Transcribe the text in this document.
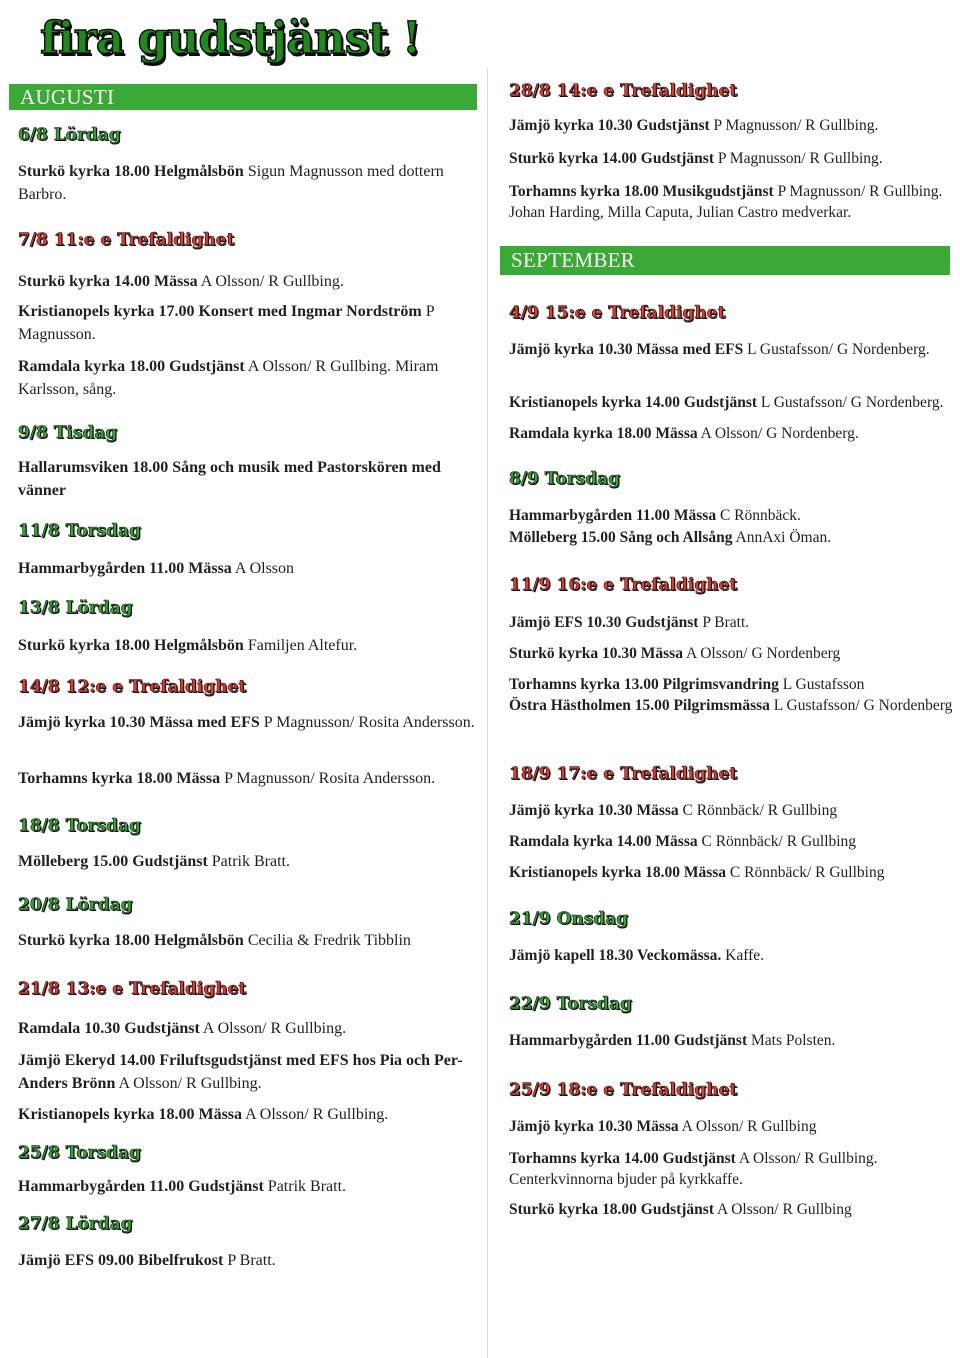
fira gudstjänst !
AUGUSTI
6/8 Lördag

Sturkö kyrka 18.00 Helgmålsbön Sigun Magnusson med dottern Barbro.

7/8 11:e e Trefaldighet

Sturkö kyrka 14.00 Mässa A Olsson/ R Gullbing.

Kristianopels kyrka 17.00 Konsert med Ingmar Nordström P Magnusson.

Ramdala kyrka 18.00 Gudstjänst A Olsson/ R Gullbing. Miram Karlsson, sång.

9/8 Tisdag

Hallarumsviken 18.00 Sång och musik med Pastorskören med vänner

11/8 Torsdag

Hammarbygården 11.00 Mässa A Olsson

13/8 Lördag

Sturkö kyrka 18.00 Helgmålsbön Familjen Altefur.

14/8 12:e e Trefaldighet

Jämjö kyrka 10.30 Mässa med EFS P Magnusson/ Rosita Andersson.

Torhamns kyrka 18.00 Mässa P Magnusson/ Rosita Andersson.

18/8 Torsdag

Mölleberg 15.00 Gudstjänst Patrik Bratt.

20/8 Lördag

Sturkö kyrka 18.00 Helgmålsbön Cecilia & Fredrik Tibblin

21/8 13:e e Trefaldighet

Ramdala 10.30 Gudstjänst A Olsson/ R Gullbing.

Jämjö Ekeryd 14.00 Friluftsgudstjänst med EFS hos Pia och Per-Anders Brönn A Olsson/ R Gullbing.

Kristianopels kyrka 18.00 Mässa A Olsson/ R Gullbing.

25/8 Torsdag

Hammarbygården 11.00 Gudstjänst Patrik Bratt.

27/8 Lördag

Jämjö EFS 09.00 Bibelfrukost P Bratt.

28/8 14:e e Trefaldighet

Jämjö kyrka 10.30 Gudstjänst P Magnusson/ R Gullbing.

Sturkö kyrka 14.00 Gudstjänst P Magnusson/ R Gullbing.

Torhamns kyrka 18.00 Musikgudstjänst P Magnusson/ R Gullbing. Johan Harding, Milla Caputa, Julian Castro medverkar.

SEPTEMBER
4/9 15:e e Trefaldighet

Jämjö kyrka 10.30 Mässa med EFS L Gustafsson/ G Nordenberg.

Kristianopels kyrka 14.00 Gudstjänst L Gustafsson/ G Nordenberg.

Ramdala kyrka 18.00 Mässa A Olsson/ G Nordenberg.

8/9 Torsdag

Hammarbygården 11.00 Mässa C Rönnbäck.

Mölleberg 15.00 Sång och Allsång AnnAxi Öman.

11/9 16:e e Trefaldighet

Jämjö EFS 10.30 Gudstjänst P Bratt.

Sturkö kyrka 10.30 Mässa A Olsson/ G Nordenberg

Torhamns kyrka 13.00 Pilgrimsvandring L Gustafsson

Östra Hästholmen 15.00 Pilgrimsmässa L Gustafsson/ G Nordenberg

18/9 17:e e Trefaldighet

Jämjö kyrka 10.30 Mässa C Rönnbäck/ R Gullbing

Ramdala kyrka 14.00 Mässa C Rönnbäck/ R Gullbing

Kristianopels kyrka 18.00 Mässa C Rönnbäck/ R Gullbing

21/9 Onsdag

Jämjö kapell 18.30 Veckomässa. Kaffe.

22/9 Torsdag

Hammarbygården 11.00 Gudstjänst Mats Polsten.

25/9 18:e e Trefaldighet

Jämjö kyrka 10.30 Mässa A Olsson/ R Gullbing

Torhamns kyrka 14.00 Gudstjänst A Olsson/ R Gullbing. Centerkvinnorna bjuder på kyrkkaffe.

Sturkö kyrka 18.00 Gudstjänst A Olsson/ R Gullbing
